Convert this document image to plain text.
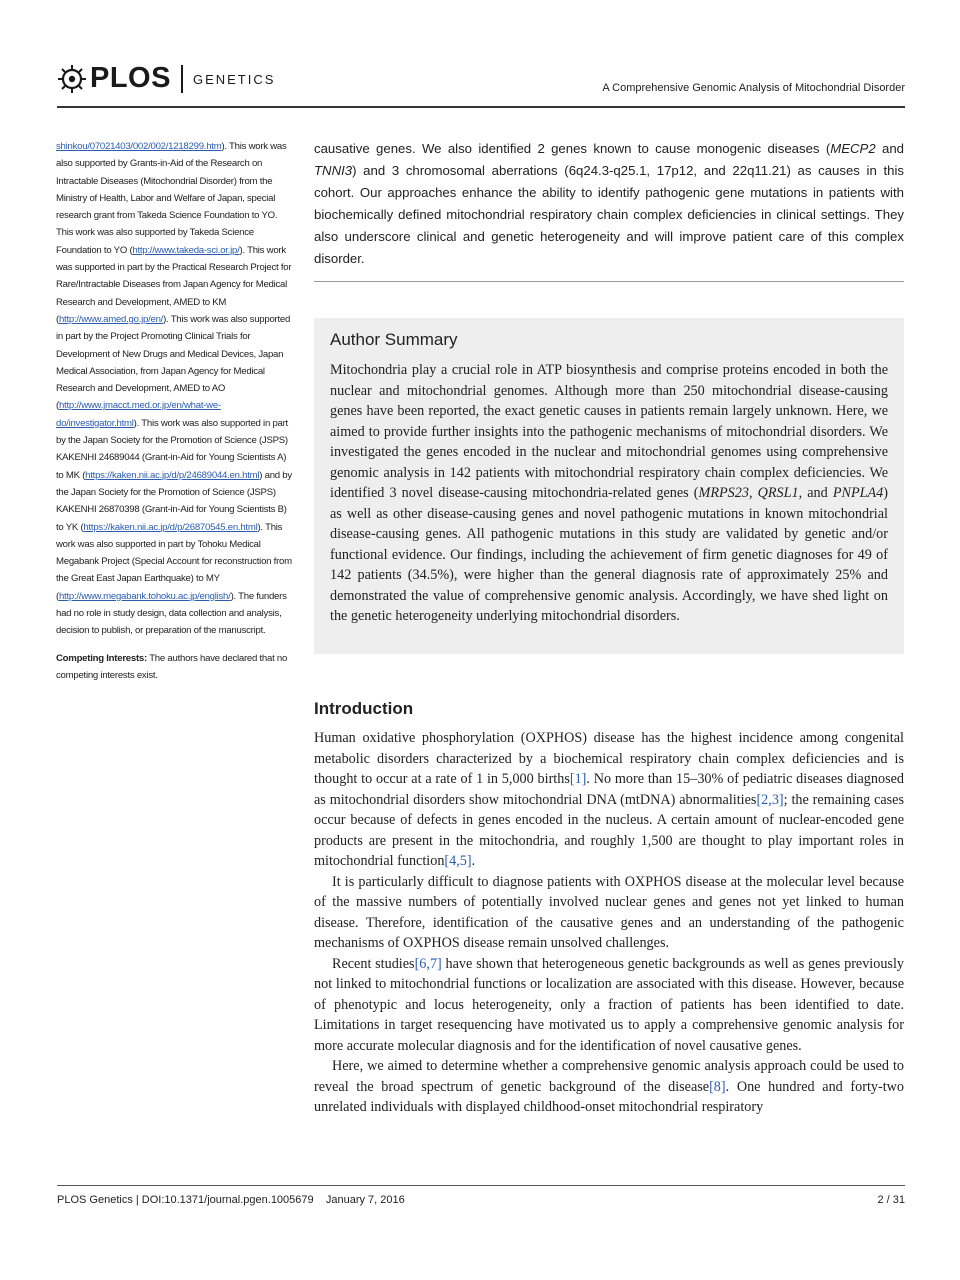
PLOS GENETICS
A Comprehensive Genomic Analysis of Mitochondrial Disorder

shinkou/07021403/002/002/1218299.htm). This work was also supported by Grants-in-Aid of the Research on Intractable Diseases (Mitochondrial Disorder) from the Ministry of Health, Labor and Welfare of Japan, special research grant from Takeda Science Foundation to YO. This work was also supported by Takeda Science Foundation to YO (http://www.takeda-sci.or.jp/). This work was supported in part by the Practical Research Project for Rare/Intractable Diseases from Japan Agency for Medical Research and Development, AMED to KM (http://www.amed.go.jp/en/). This work was also supported in part by the Project Promoting Clinical Trials for Development of New Drugs and Medical Devices, Japan Medical Association, from Japan Agency for Medical Research and Development, AMED to AO (http://www.jmacct.med.or.jp/en/what-we-do/investigator.html). This work was also supported in part by the Japan Society for the Promotion of Science (JSPS) KAKENHI 24689044 (Grant-in-Aid for Young Scientists A) to MK (https://kaken.nii.ac.jp/d/p/24689044.en.html) and by the Japan Society for the Promotion of Science (JSPS) KAKENHI 26870398 (Grant-in-Aid for Young Scientists B) to YK (https://kaken.nii.ac.jp/d/p/26870545.en.html). This work was also supported in part by Tohoku Medical Megabank Project (Special Account for reconstruction from the Great East Japan Earthquake) to MY (http://www.megabank.tohoku.ac.jp/english/). The funders had no role in study design, data collection and analysis, decision to publish, or preparation of the manuscript.

Competing Interests: The authors have declared that no competing interests exist.

causative genes. We also identified 2 genes known to cause monogenic diseases (MECP2 and TNNI3) and 3 chromosomal aberrations (6q24.3-q25.1, 17p12, and 22q11.21) as causes in this cohort. Our approaches enhance the ability to identify pathogenic gene mutations in patients with biochemically defined mitochondrial respiratory chain complex deficiencies in clinical settings. They also underscore clinical and genetic heterogeneity and will improve patient care of this complex disorder.

Author Summary

Mitochondria play a crucial role in ATP biosynthesis and comprise proteins encoded in both the nuclear and mitochondrial genomes. Although more than 250 mitochondrial disease-causing genes have been reported, the exact genetic causes in patients remain largely unknown. Here, we aimed to provide further insights into the pathogenic mechanisms of mitochondrial disorders. We investigated the genes encoded in the nuclear and mitochondrial genomes using comprehensive genomic analysis in 142 patients with mitochondrial respiratory chain complex deficiencies. We identified 3 novel disease-causing mitochondria-related genes (MRPS23, QRSL1, and PNPLA4) as well as other disease-causing genes and novel pathogenic mutations in known mitochondrial disease-causing genes. All pathogenic mutations in this study are validated by genetic and/or functional evidence. Our findings, including the achievement of firm genetic diagnoses for 49 of 142 patients (34.5%), were higher than the general diagnosis rate of approximately 25% and demonstrated the value of comprehensive genomic analysis. Accordingly, we have shed light on the genetic heterogeneity underlying mitochondrial disorders.

Introduction

Human oxidative phosphorylation (OXPHOS) disease has the highest incidence among congenital metabolic disorders characterized by a biochemical respiratory chain complex deficiencies and is thought to occur at a rate of 1 in 5,000 births[1]. No more than 15–30% of pediatric diseases diagnosed as mitochondrial disorders show mitochondrial DNA (mtDNA) abnormalities[2,3]; the remaining cases occur because of defects in genes encoded in the nucleus. A certain amount of nuclear-encoded gene products are present in the mitochondria, and roughly 1,500 are thought to play important roles in mitochondrial function[4,5].

It is particularly difficult to diagnose patients with OXPHOS disease at the molecular level because of the massive numbers of potentially involved nuclear genes and genes not yet linked to human disease. Therefore, identification of the causative genes and an understanding of the pathogenic mechanisms of OXPHOS disease remain unsolved challenges.

Recent studies[6,7] have shown that heterogeneous genetic backgrounds as well as genes previously not linked to mitochondrial functions or localization are associated with this disease. However, because of phenotypic and locus heterogeneity, only a fraction of patients has been identified to date. Limitations in target resequencing have motivated us to apply a comprehensive genomic analysis for more accurate molecular diagnosis and for the identification of novel causative genes.

Here, we aimed to determine whether a comprehensive genomic analysis approach could be used to reveal the broad spectrum of genetic background of the disease[8]. One hundred and forty-two unrelated individuals with displayed childhood-onset mitochondrial respiratory

PLOS Genetics | DOI:10.1371/journal.pgen.1005679    January 7, 2016	2 / 31
